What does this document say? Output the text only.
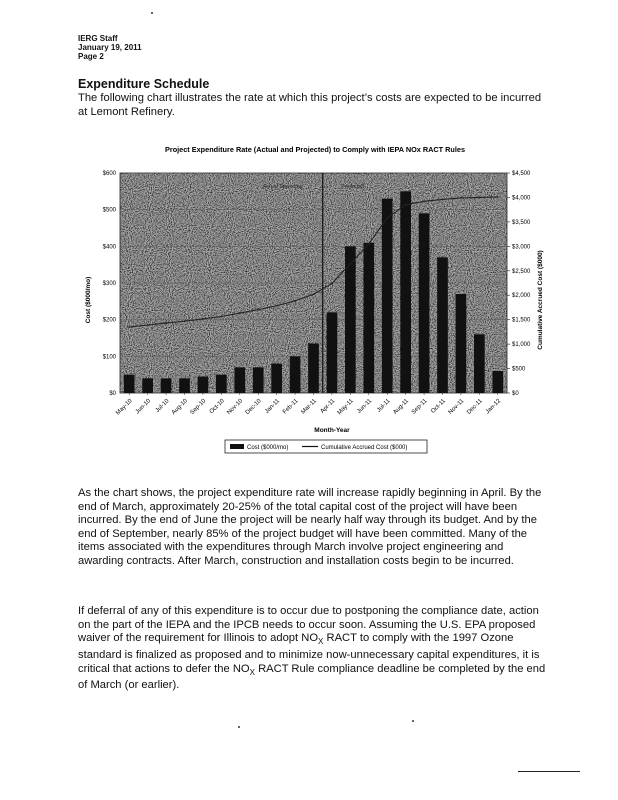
IERG Staff
January 19, 2011
Page 2
Expenditure Schedule
The following chart illustrates the rate at which this project’s costs are expected to be incurred at Lemont Refinery.
Project Expenditure Rate (Actual and Projected) to Comply with IEPA NOx RACT Rules
Actual Spending	Projected
$0
$100
$200
$300
$400
$500
$600
$0
$500
$1,000
$1,500
$2,000
$2,500
$3,000
$3,500
$4,000
$4,500
May-10 Jun-10 Jul-10 Aug-10 Sep-10 Oct-10 Nov-10 Dec-10 Jan-11 Feb-11 Mar-11 Apr-11 May-11 Jun-11 Jul-11 Aug-11 Sep-11 Oct-11 Nov-11 Dec-11 Jan-12
Month-Year
Cost ($000/mo)	Cumulative Accrued Cost ($000)
Cost ($000/mo)	Cumulative Accrued Cost ($000)
As the chart shows, the project expenditure rate will increase rapidly beginning in April. By the end of March, approximately 20-25% of the total capital cost of the project will have been incurred. By the end of June the project will be nearly half way through its budget. And by the end of September, nearly 85% of the project budget will have been committed. Many of the items associated with the expenditures through March involve project engineering and awarding contracts. After March, construction and installation costs begin to be incurred.
If deferral of any of this expenditure is to occur due to postponing the compliance date, action on the part of the IEPA and the IPCB needs to occur soon. Assuming the U.S. EPA proposed waiver of the requirement for Illinois to adopt $NO_X$ RACT to comply with the 1997 Ozone standard is finalized as proposed and to minimize now-unnecessary capital expenditures, it is critical that actions to defer the $NO_X$ RACT Rule compliance deadline be completed by the end of March (or earlier).
